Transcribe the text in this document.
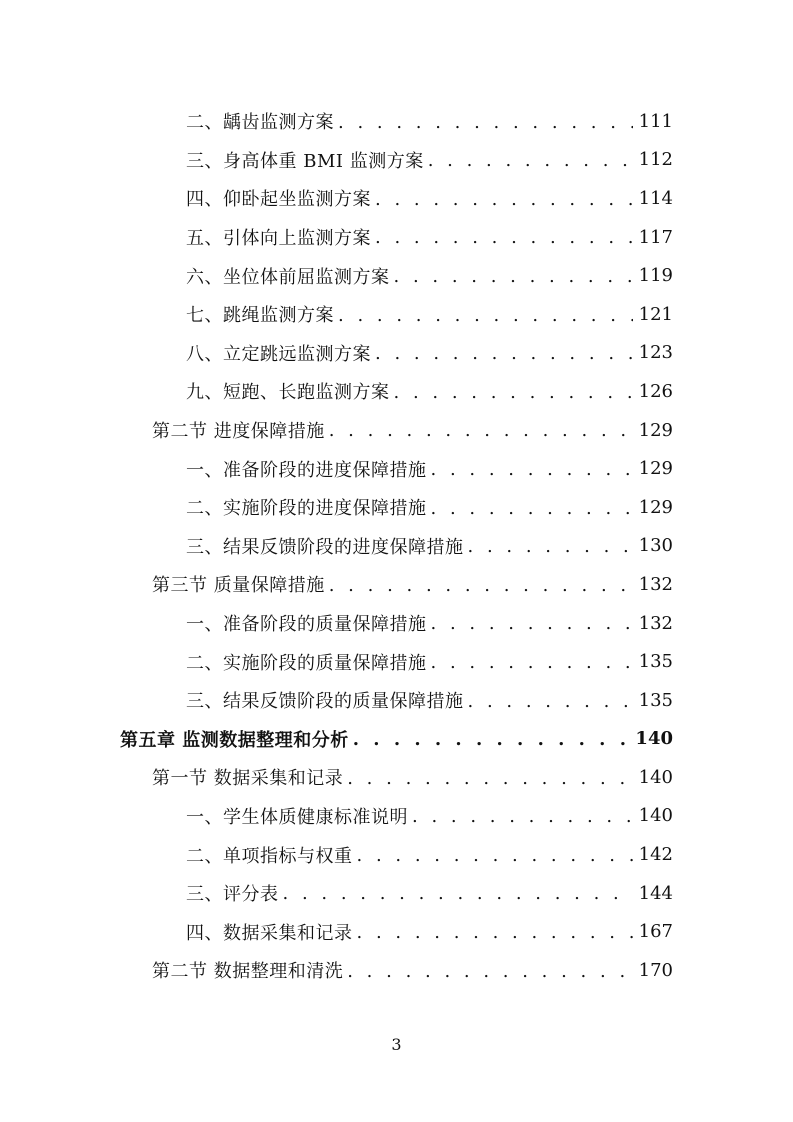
二、龋齿监测方案 . . .	111
三、身高体重 BMI 监测方案 . . .	112
四、仰卧起坐监测方案 . . .	114
五、引体向上监测方案 . . .	117
六、坐位体前屈监测方案 . . .	119
七、跳绳监测方案 . . .	121
八、立定跳远监测方案 . . .	123
九、短跑、长跑监测方案 . . .	126
第二节 进度保障措施 . . .	129
一、准备阶段的进度保障措施 . . .	129
二、实施阶段的进度保障措施 . . .	129
三、结果反馈阶段的进度保障措施 . . .	130
第三节 质量保障措施 . . .	132
一、准备阶段的质量保障措施 . . .	132
二、实施阶段的质量保障措施 . . .	135
三、结果反馈阶段的质量保障措施 . . .	135
第五章 监测数据整理和分析 . . .	140
第一节 数据采集和记录 . . .	140
一、学生体质健康标准说明 . . .	140
二、单项指标与权重 . . .	142
三、评分表 . . .	144
四、数据采集和记录 . . .	167
第二节 数据整理和清洗 . . .	170
3
